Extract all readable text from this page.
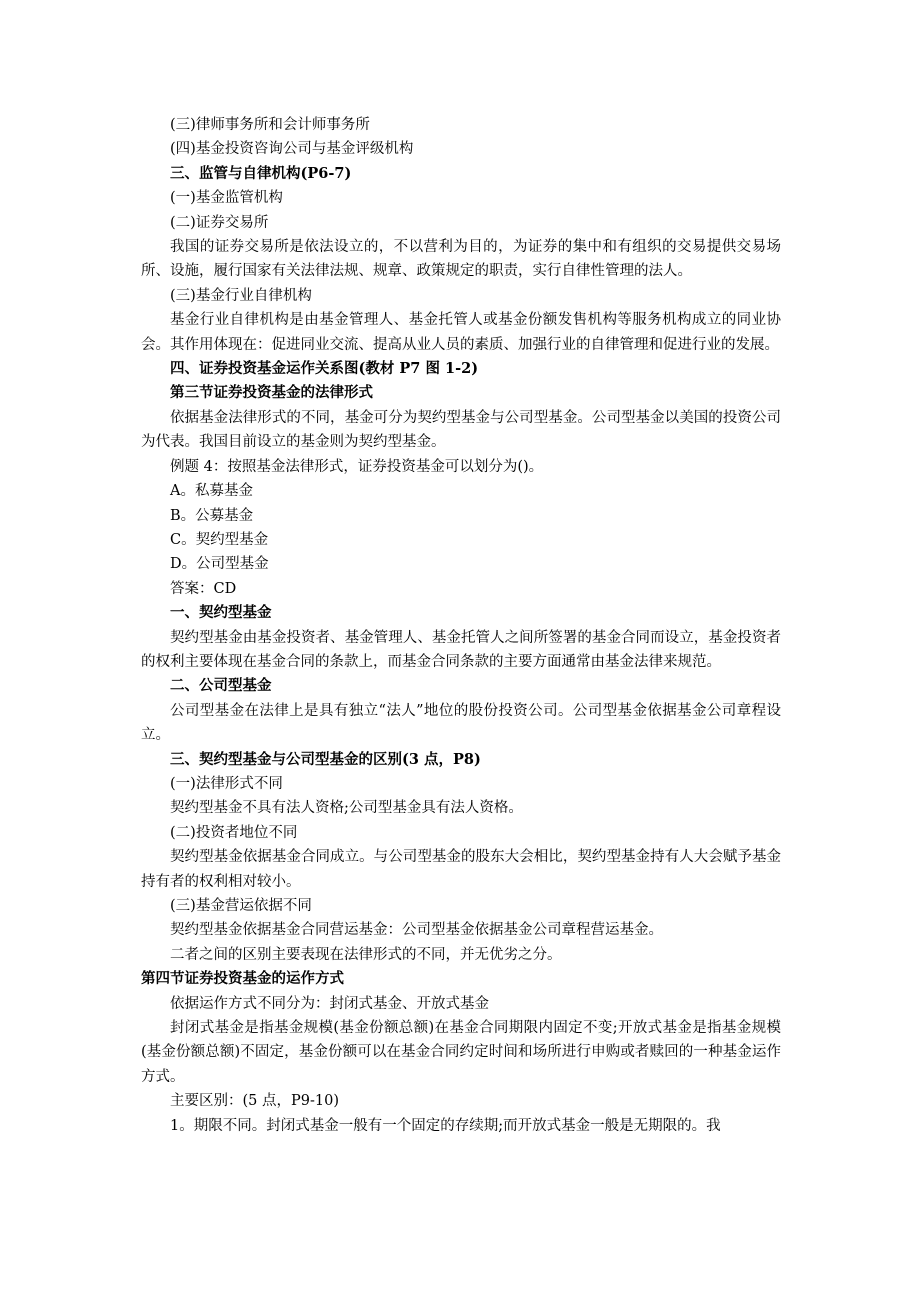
(三)律师事务所和会计师事务所

(四)基金投资咨询公司与基金评级机构

三、监管与自律机构(P6-7)

(一)基金监管机构

(二)证券交易所

我国的证券交易所是依法设立的，不以营利为目的，为证券的集中和有组织的交易提供交易场所、设施，履行国家有关法律法规、规章、政策规定的职责，实行自律性管理的法人。

(三)基金行业自律机构

基金行业自律机构是由基金管理人、基金托管人或基金份额发售机构等服务机构成立的同业协会。其作用体现在：促进同业交流、提高从业人员的素质、加强行业的自律管理和促进行业的发展。

四、证券投资基金运作关系图(教材 P7 图 1-2)

第三节证券投资基金的法律形式

依据基金法律形式的不同，基金可分为契约型基金与公司型基金。公司型基金以美国的投资公司为代表。我国目前设立的基金则为契约型基金。

例题 4：按照基金法律形式，证券投资基金可以划分为()。

A。私募基金

B。公募基金

C。契约型基金

D。公司型基金

答案：CD

一、契约型基金

契约型基金由基金投资者、基金管理人、基金托管人之间所签署的基金合同而设立，基金投资者的权利主要体现在基金合同的条款上，而基金合同条款的主要方面通常由基金法律来规范。

二、公司型基金

公司型基金在法律上是具有独立“法人”地位的股份投资公司。公司型基金依据基金公司章程设立。

三、契约型基金与公司型基金的区别(3 点，P8)

(一)法律形式不同

契约型基金不具有法人资格;公司型基金具有法人资格。

(二)投资者地位不同

契约型基金依据基金合同成立。与公司型基金的股东大会相比，契约型基金持有人大会赋予基金持有者的权利相对较小。

(三)基金营运依据不同

契约型基金依据基金合同营运基金：公司型基金依据基金公司章程营运基金。

二者之间的区别主要表现在法律形式的不同，并无优劣之分。

第四节证券投资基金的运作方式

依据运作方式不同分为：封闭式基金、开放式基金

封闭式基金是指基金规模(基金份额总额)在基金合同期限内固定不变;开放式基金是指基金规模(基金份额总额)不固定，基金份额可以在基金合同约定时间和场所进行申购或者赎回的一种基金运作方式。

主要区别：(5 点，P9-10)

1。期限不同。封闭式基金一般有一个固定的存续期;而开放式基金一般是无期限的。我
